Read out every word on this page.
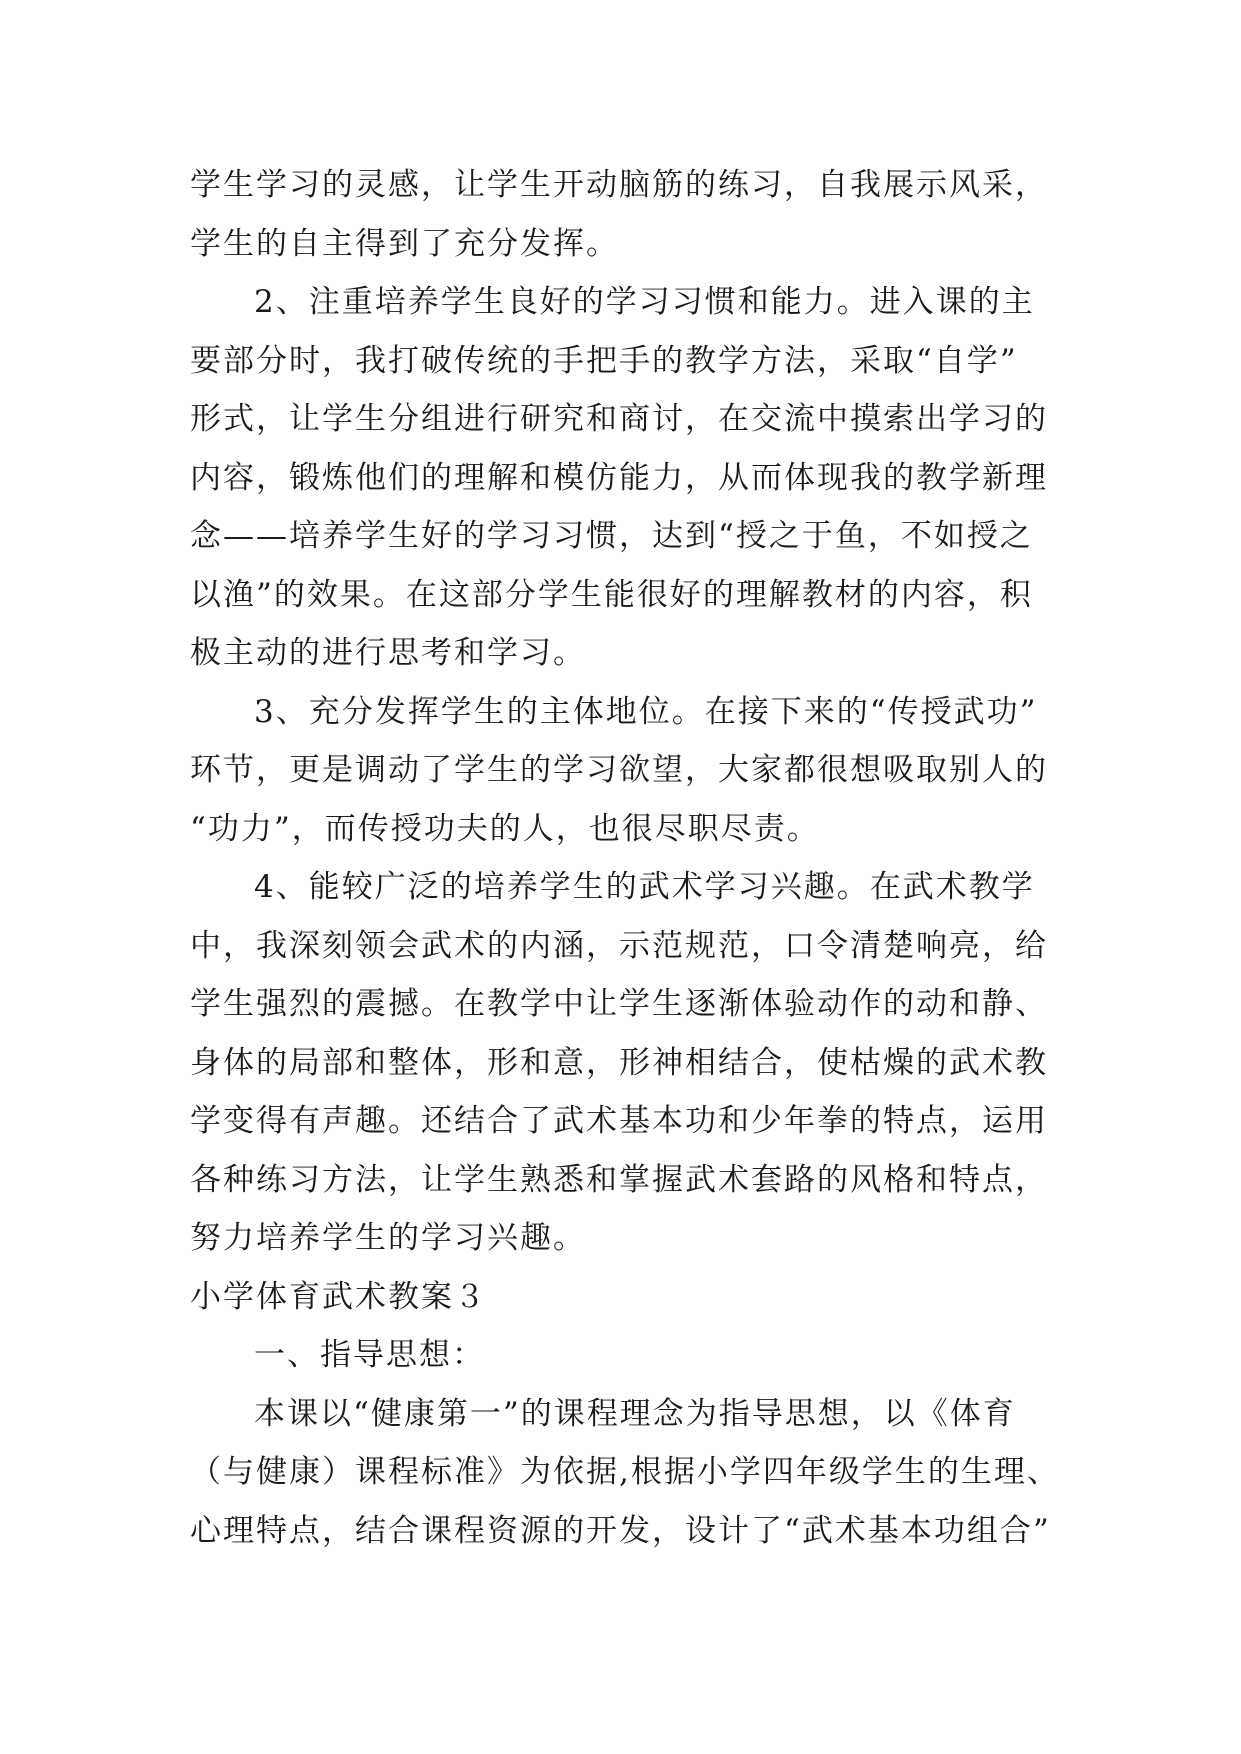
学生学习的灵感，让学生开动脑筋的练习，自我展示风采，
学生的自主得到了充分发挥。
2、注重培养学生良好的学习习惯和能力。进入课的主
要部分时，我打破传统的手把手的教学方法，采取“自学”
形式，让学生分组进行研究和商讨，在交流中摸索出学习的
内容，锻炼他们的理解和模仿能力，从而体现我的教学新理
念——培养学生好的学习习惯，达到“授之于鱼，不如授之
以渔”的效果。在这部分学生能很好的理解教材的内容，积
极主动的进行思考和学习。
3、充分发挥学生的主体地位。在接下来的“传授武功”
环节，更是调动了学生的学习欲望，大家都很想吸取别人的
“功力”，而传授功夫的人，也很尽职尽责。
4、能较广泛的培养学生的武术学习兴趣。在武术教学
中，我深刻领会武术的内涵，示范规范，口令清楚响亮，给
学生强烈的震撼。在教学中让学生逐渐体验动作的动和静、
身体的局部和整体，形和意，形神相结合，使枯燥的武术教
学变得有声趣。还结合了武术基本功和少年拳的特点，运用
各种练习方法，让学生熟悉和掌握武术套路的风格和特点，
努力培养学生的学习兴趣。
小学体育武术教案３
一、指导思想：
本课以“健康第一”的课程理念为指导思想，以《体育
（与健康）课程标准》为依据,根据小学四年级学生的生理、
心理特点，结合课程资源的开发，设计了“武术基本功组合”
